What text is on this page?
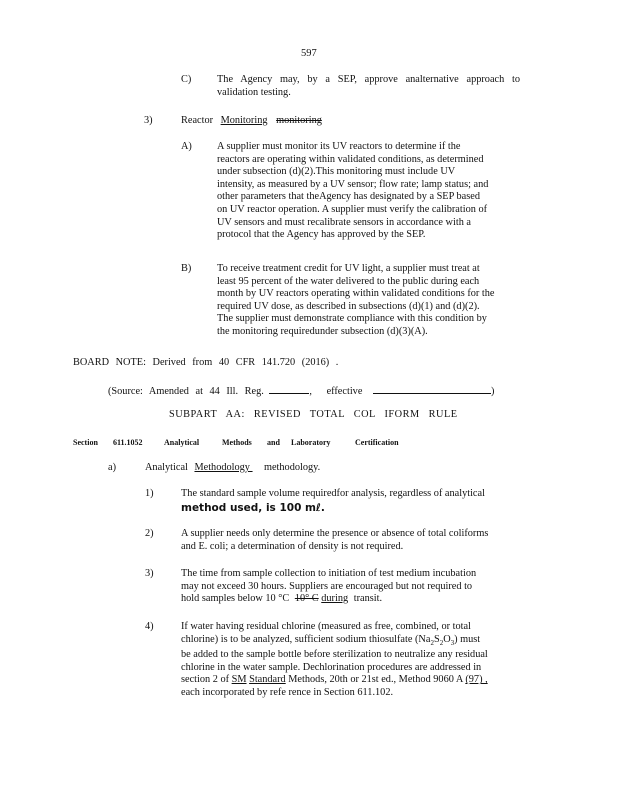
597
C) The Agency may, by a SEP, approve analternative approach to
validation testing.
3)	Reactor Monitoring monitoring
A) A supplier must monitor its UV reactors to determine if the
reactors are operating within validated conditions, as determined
under subsection (d)(2).This monitoring must include UV
intensity, as measured by a UV sensor; flow rate; lamp status; and
other parameters that theAgency has designated by a SEP based
on UV reactor operation. A supplier must verify the calibration of
UV sensors and must recalibrate sensors in accordance with a
protocol that the Agency has approved by the SEP.
B) To receive treatment credit for UV light, a supplier must treat at
least 95 percent of the water delivered to the public during each
month by UV reactors operating within validated conditions for the
required UV dose, as described in subsections (d)(1) and (d)(2).
The supplier must demonstrate compliance with this condition by
the monitoring requiredunder subsection (d)(3)(A).
BOARD NOTE: Derived from 40 CFR 141.720 (2016) .
(Source: Amended at 44 Ill. Reg.	, effective	)
SUBPART AA: REVISED TOTAL COL IFORM RULE
Section 611.1052	Analytical	Methods and Laboratory	Certification
a)	Analytical Methodology methodology.
1)	The standard sample volume requiredfor analysis, regardless of analytical
method used, is 100 mℓ.
2)	A supplier needs only determine the presence or absence of total coliforms
and E. coli; a determination of density is not required.
3)	The time from sample collection to initiation of test medium incubation
may not exceed 30 hours. Suppliers are encouraged but not required to
hold samples below 10 °C 10° C during transit.
4)	If water having residual chlorine (measured as free, combined, or total
chlorine) is to be analyzed, sufficient sodium thiosulfate $(Na_2S_2O_3)$ must
be added to the sample bottle before sterilization to neutralize any residual
chlorine in the water sample. Dechlorination procedures are addressed in
section 2 of SM Standard Methods, 20th or 21st ed., Method 9060 A (97) ,
each incorporated by refe rence in Section 611.102.
